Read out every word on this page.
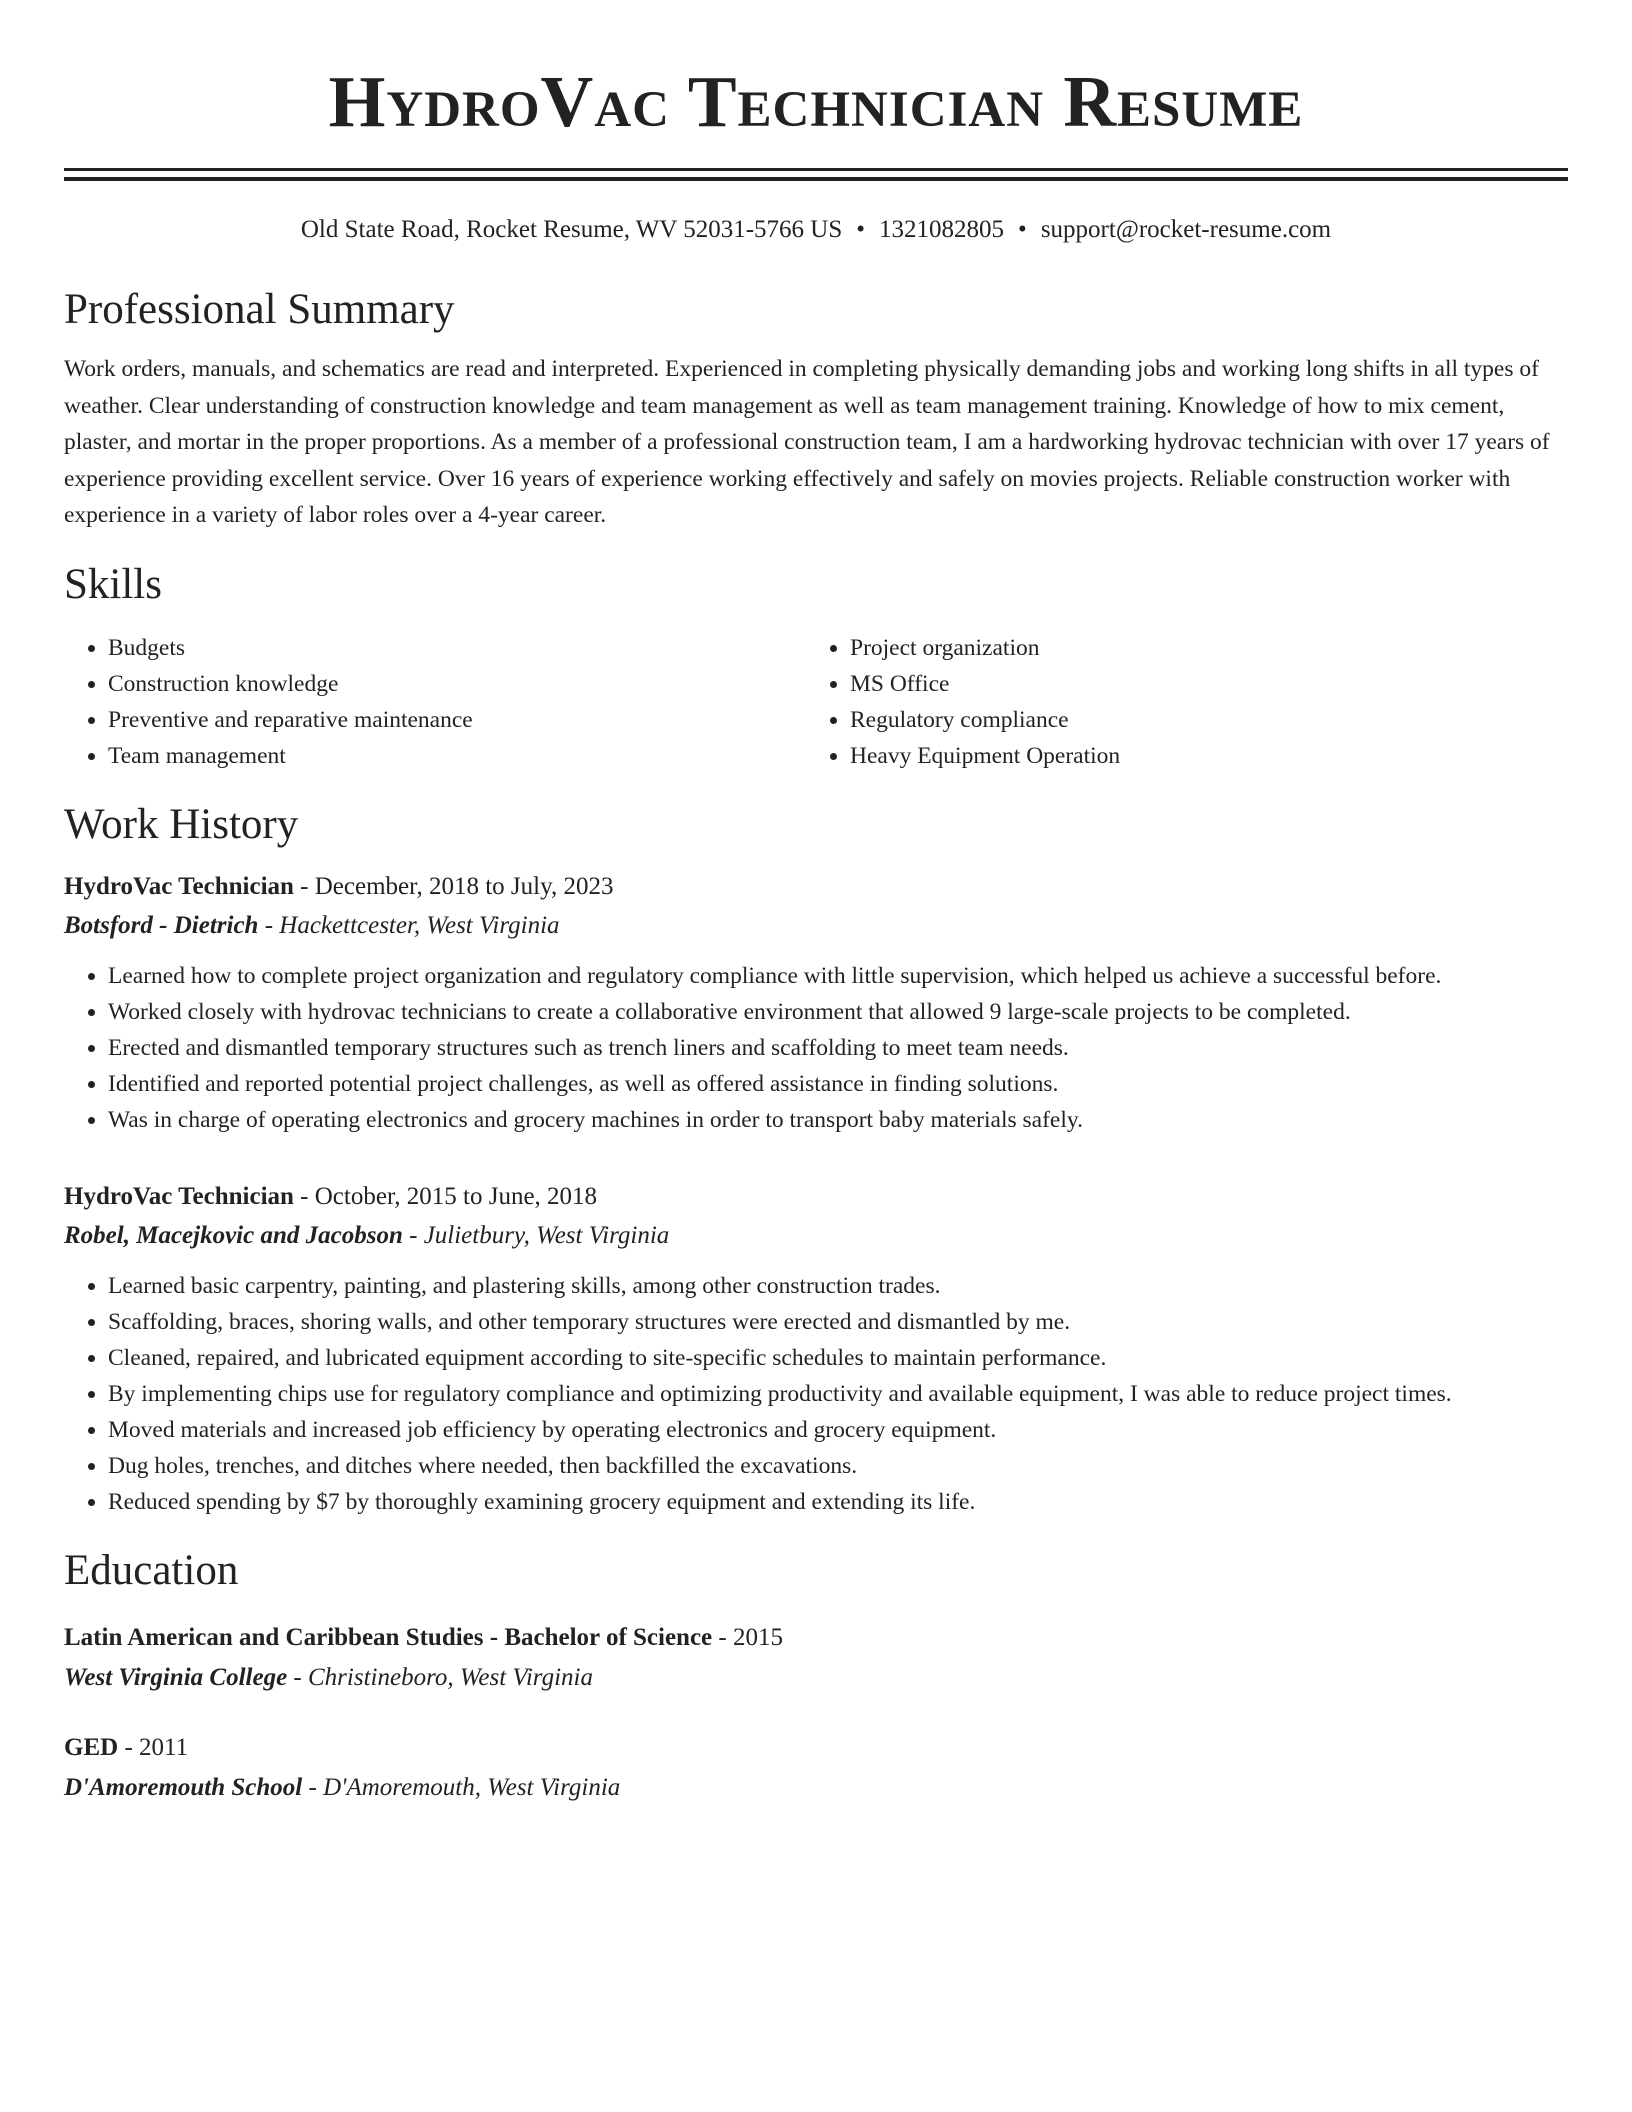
HydroVac Technician Resume
Old State Road, Rocket Resume, WV 52031-5766 US • 1321082805 • support@rocket-resume.com
Professional Summary

Work orders, manuals, and schematics are read and interpreted. Experienced in completing physically demanding jobs and working long shifts in all types of weather. Clear understanding of construction knowledge and team management as well as team management training. Knowledge of how to mix cement, plaster, and mortar in the proper proportions. As a member of a professional construction team, I am a hardworking hydrovac technician with over 17 years of experience providing excellent service. Over 16 years of experience working effectively and safely on movies projects. Reliable construction worker with experience in a variety of labor roles over a 4-year career.

Skills
• Budgets
• Construction knowledge
• Preventive and reparative maintenance
• Team management
• Project organization
• MS Office
• Regulatory compliance
• Heavy Equipment Operation
Work History
HydroVac Technician - December, 2018 to July, 2023
Botsford - Dietrich - Hackettcester, West Virginia
• Learned how to complete project organization and regulatory compliance with little supervision, which helped us achieve a successful before.
• Worked closely with hydrovac technicians to create a collaborative environment that allowed 9 large-scale projects to be completed.
• Erected and dismantled temporary structures such as trench liners and scaffolding to meet team needs.
• Identified and reported potential project challenges, as well as offered assistance in finding solutions.
• Was in charge of operating electronics and grocery machines in order to transport baby materials safely.
HydroVac Technician - October, 2015 to June, 2018
Robel, Macejkovic and Jacobson - Julietbury, West Virginia
• Learned basic carpentry, painting, and plastering skills, among other construction trades.
• Scaffolding, braces, shoring walls, and other temporary structures were erected and dismantled by me.
• Cleaned, repaired, and lubricated equipment according to site-specific schedules to maintain performance.
• By implementing chips use for regulatory compliance and optimizing productivity and available equipment, I was able to reduce project times.
• Moved materials and increased job efficiency by operating electronics and grocery equipment.
• Dug holes, trenches, and ditches where needed, then backfilled the excavations.
• Reduced spending by $7 by thoroughly examining grocery equipment and extending its life.
Education
Latin American and Caribbean Studies - Bachelor of Science - 2015
West Virginia College - Christineboro, West Virginia
GED - 2011
D'Amoremouth School - D'Amoremouth, West Virginia
